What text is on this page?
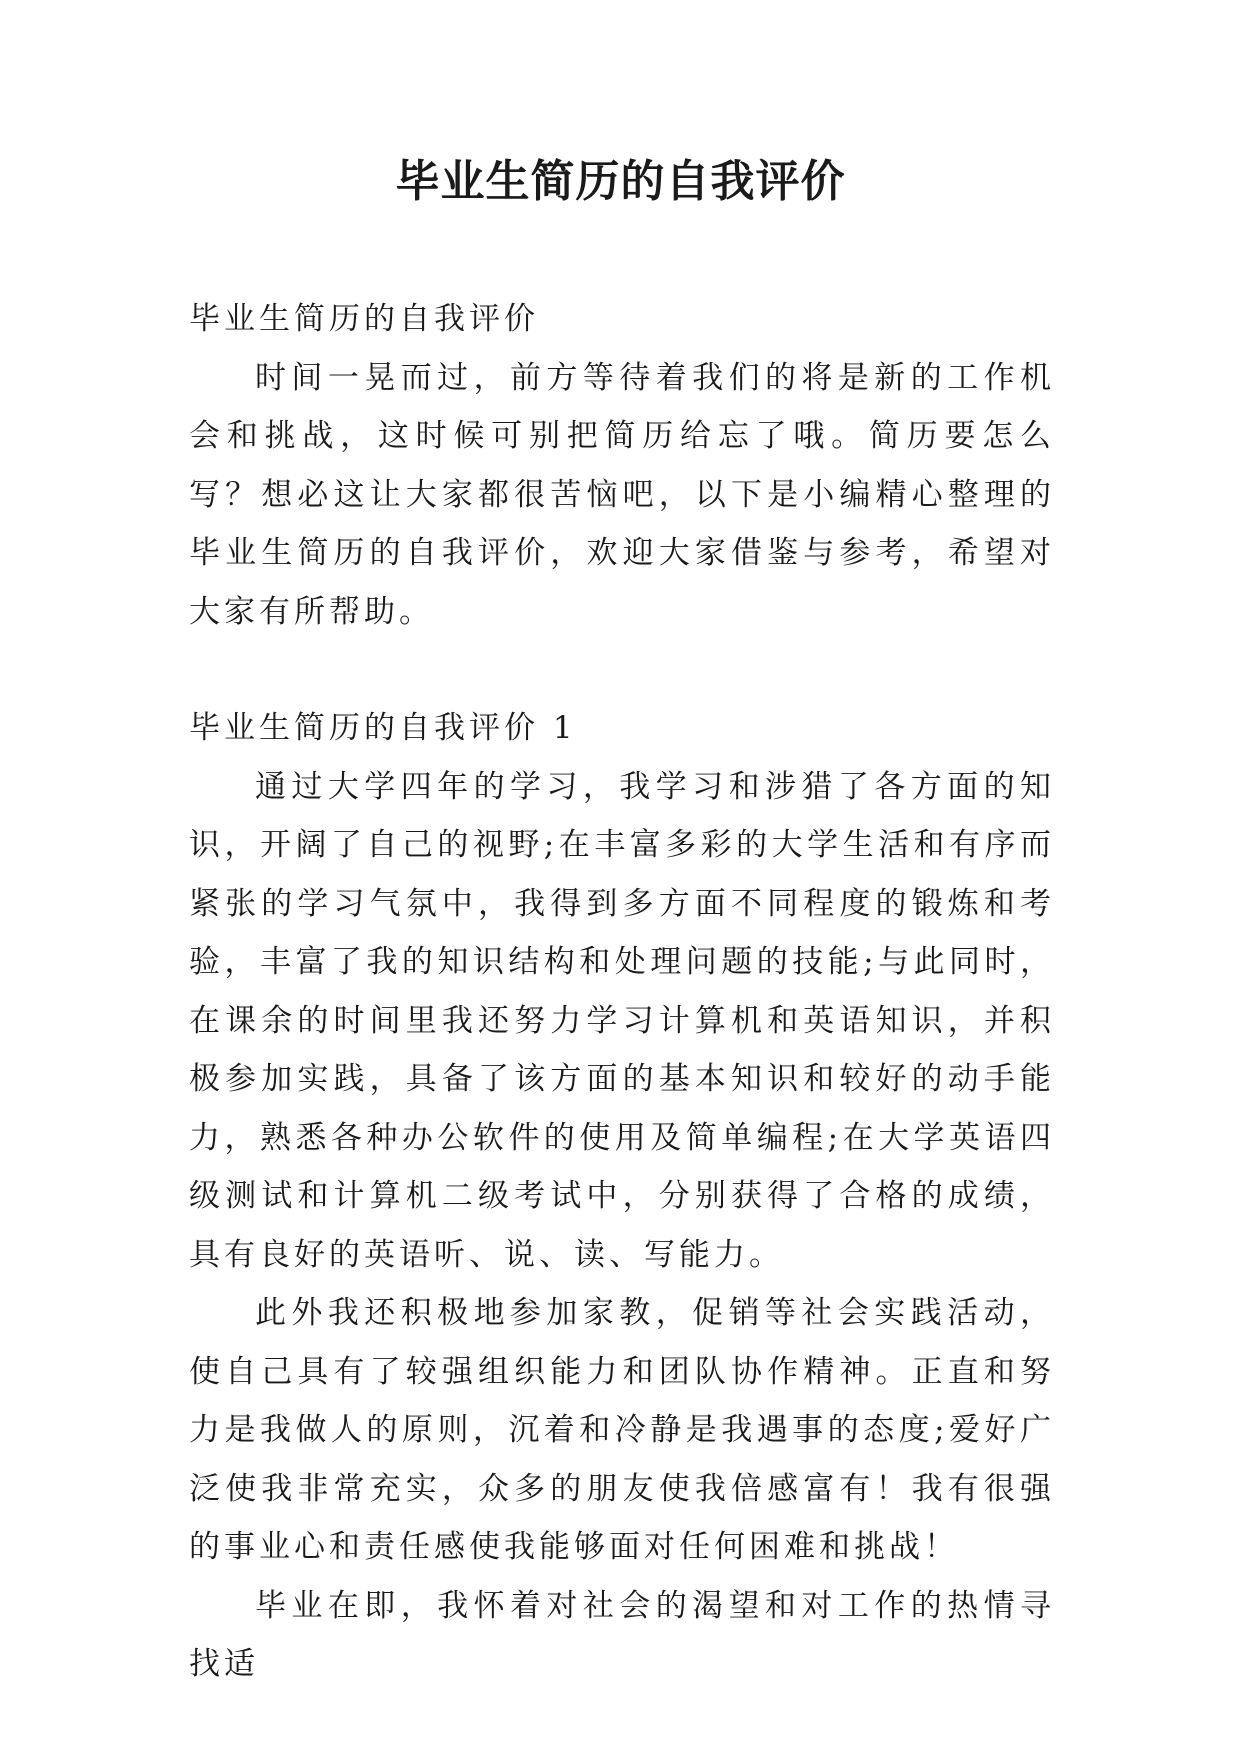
毕业生简历的自我评价

毕业生简历的自我评价

时间一晃而过，前方等待着我们的将是新的工作机会和挑战，这时候可别把简历给忘了哦。简历要怎么写？想必这让大家都很苦恼吧，以下是小编精心整理的毕业生简历的自我评价，欢迎大家借鉴与参考，希望对大家有所帮助。

毕业生简历的自我评价 1

通过大学四年的学习，我学习和涉猎了各方面的知识，开阔了自己的视野;在丰富多彩的大学生活和有序而紧张的学习气氛中，我得到多方面不同程度的锻炼和考验，丰富了我的知识结构和处理问题的技能;与此同时，在课余的时间里我还努力学习计算机和英语知识，并积极参加实践，具备了该方面的基本知识和较好的动手能力，熟悉各种办公软件的使用及简单编程;在大学英语四级测试和计算机二级考试中，分别获得了合格的成绩，具有良好的英语听、说、读、写能力。

此外我还积极地参加家教，促销等社会实践活动，使自己具有了较强组织能力和团队协作精神。正直和努力是我做人的原则，沉着和冷静是我遇事的态度;爱好广泛使我非常充实，众多的朋友使我倍感富有！我有很强的事业心和责任感使我能够面对任何困难和挑战！

毕业在即，我怀着对社会的渴望和对工作的热情寻找适
